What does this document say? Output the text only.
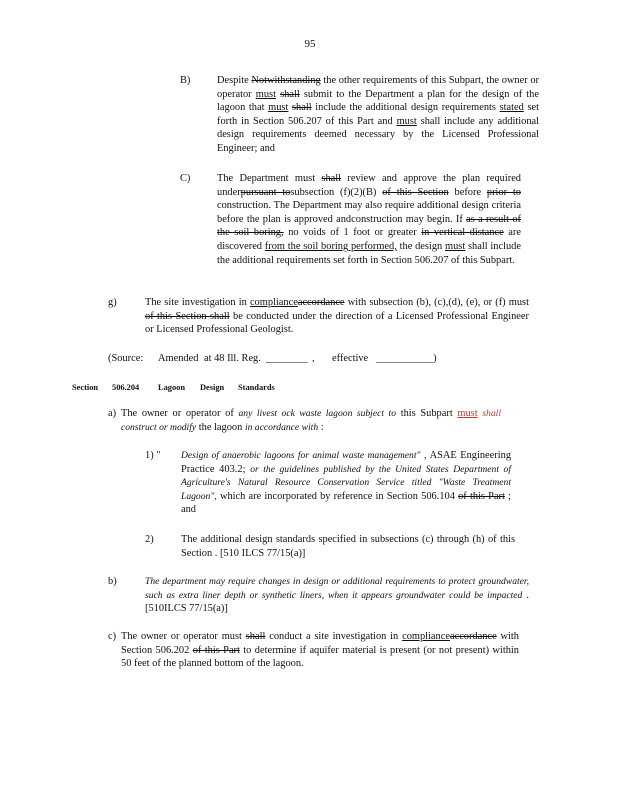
95
B)	Despite Notwithstanding the other requirements of this Subpart, the owner or operator must shall submit to the Department a plan for the design of the lagoon that must shall include the additional design requirements stated set forth in Section 506.207 of this Part and must shall include any additional design requirements deemed necessary by the Licensed Professional Engineer; and
C)	The Department must shall review and approve the plan required underpursuant tosubsection (f)(2)(B) of this Section before prior to construction. The Department may also require additional design criteria before the plan is approved andconstruction may begin. If as a result of the soil boring, no voids of 1 foot or greater in vertical distance are discovered from the soil boring performed, the design must shall include the additional requirements set forth in Section 506.207 of this Subpart.
g)	The site investigation in complianceaccordance with subsection (b), (c),(d), (e), or (f) must of this Section shall be conducted under the direction of a Licensed Professional Engineer or Licensed Professional Geologist.
(Source: Amended at 48 Ill. Reg. ________ , effective ___________)
Section 506.204 Lagoon Design Standards
a) The owner or operator of any livest ock waste lagoon subject to this Subpart must shall construct or modify the lagoon in accordance with :
1) " Design of anaerobic lagoons for animal waste management" , ASAE Engineering Practice 403.2; or the guidelines published by the United States Department of Agriculture's Natural Resource Conservation Service titled "Waste Treatment Lagoon", which are incorporated by reference in Section 506.104 of this Part ; and
2)	The additional design standards specified in subsections (c) through (h) of this Section . [510 ILCS 77/15(a)]
b)	The department may require changes in design or additional requirements to protect groundwater, such as extra liner depth or synthetic liners, when it appears groundwater could be impacted . [510ILCS 77/15(a)]
c) The owner or operator must shall conduct a site investigation in complianceaccordance with Section 506.202 of this Part to determine if aquifer material is present (or not present) within 50 feet of the planned bottom of the lagoon.
